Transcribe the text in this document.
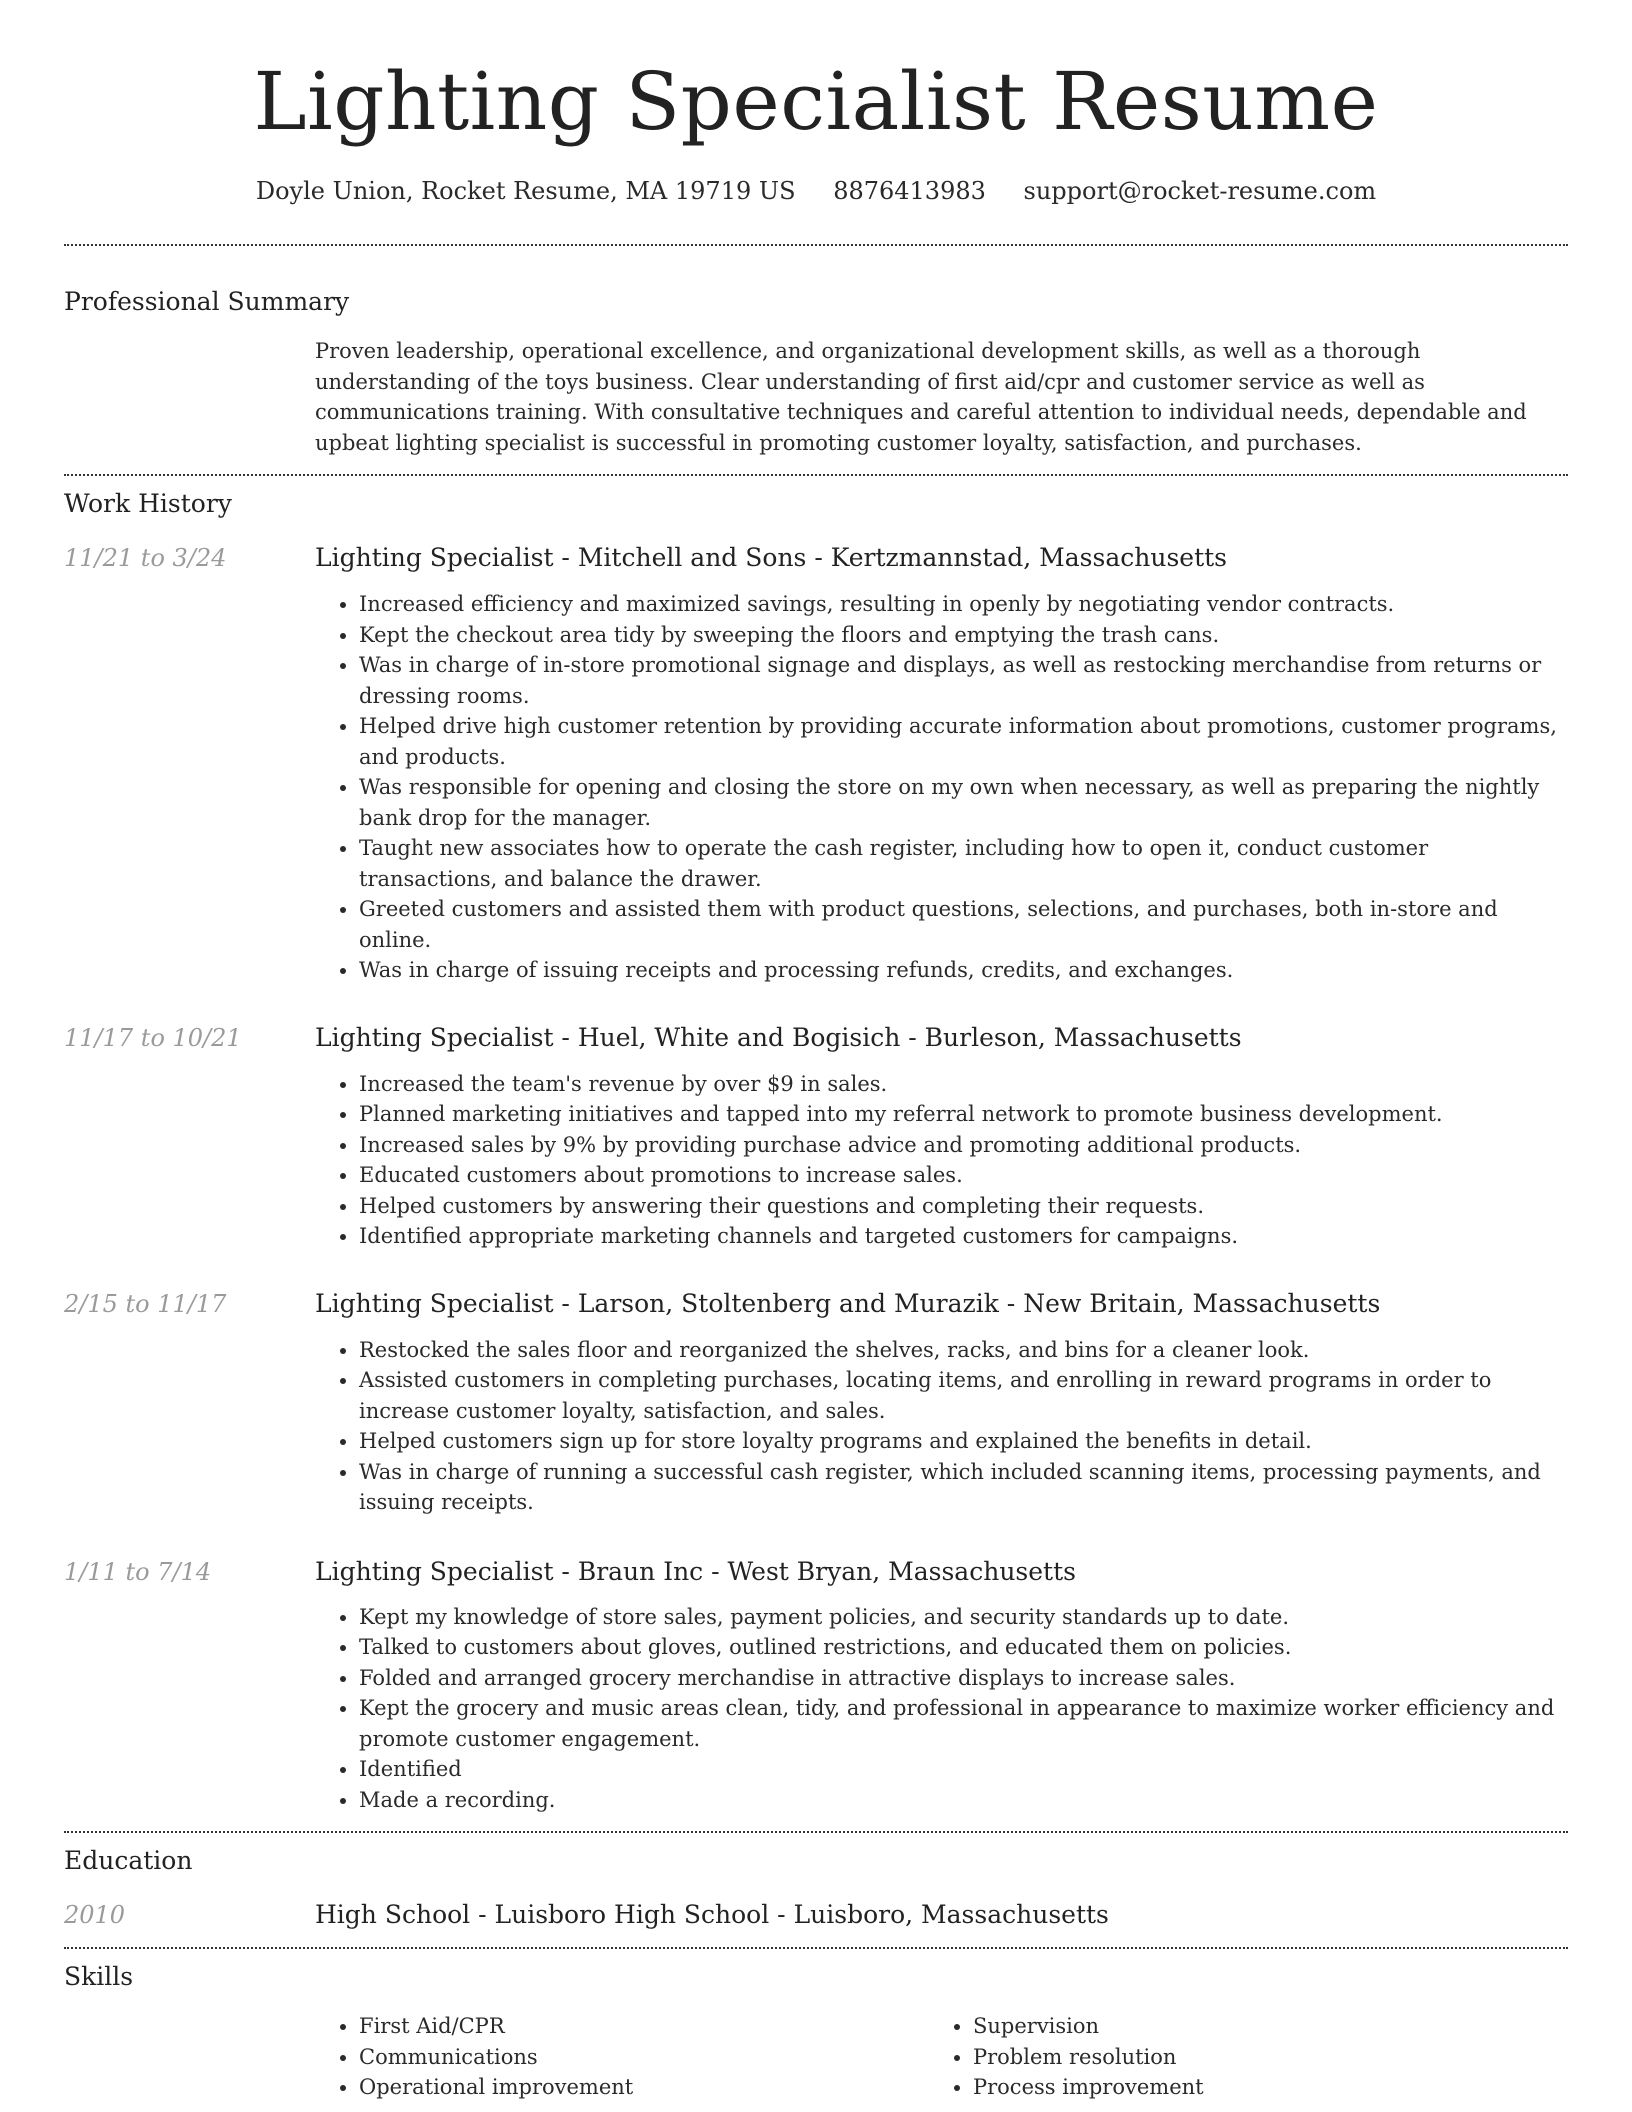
Lighting Specialist Resume
Doyle Union, Rocket Resume, MA 19719 US 8876413983 support@rocket-resume.com
Professional Summary
Proven leadership, operational excellence, and organizational development skills, as well as a thorough understanding of the toys business. Clear understanding of first aid/cpr and customer service as well as communications training. With consultative techniques and careful attention to individual needs, dependable and upbeat lighting specialist is successful in promoting customer loyalty, satisfaction, and purchases.
Work History
11/21 to 3/24	Lighting Specialist - Mitchell and Sons - Kertzmannstad, Massachusetts
• Increased efficiency and maximized savings, resulting in openly by negotiating vendor contracts.
• Kept the checkout area tidy by sweeping the floors and emptying the trash cans.
• Was in charge of in-store promotional signage and displays, as well as restocking merchandise from returns or dressing rooms.
• Helped drive high customer retention by providing accurate information about promotions, customer programs, and products.
• Was responsible for opening and closing the store on my own when necessary, as well as preparing the nightly bank drop for the manager.
• Taught new associates how to operate the cash register, including how to open it, conduct customer transactions, and balance the drawer.
• Greeted customers and assisted them with product questions, selections, and purchases, both in-store and online.
• Was in charge of issuing receipts and processing refunds, credits, and exchanges.
11/17 to 10/21	Lighting Specialist - Huel, White and Bogisich - Burleson, Massachusetts
• Increased the team's revenue by over $9 in sales.
• Planned marketing initiatives and tapped into my referral network to promote business development.
• Increased sales by 9% by providing purchase advice and promoting additional products.
• Educated customers about promotions to increase sales.
• Helped customers by answering their questions and completing their requests.
• Identified appropriate marketing channels and targeted customers for campaigns.
2/15 to 11/17	Lighting Specialist - Larson, Stoltenberg and Murazik - New Britain, Massachusetts
• Restocked the sales floor and reorganized the shelves, racks, and bins for a cleaner look.
• Assisted customers in completing purchases, locating items, and enrolling in reward programs in order to increase customer loyalty, satisfaction, and sales.
• Helped customers sign up for store loyalty programs and explained the benefits in detail.
• Was in charge of running a successful cash register, which included scanning items, processing payments, and issuing receipts.
1/11 to 7/14	Lighting Specialist - Braun Inc - West Bryan, Massachusetts
• Kept my knowledge of store sales, payment policies, and security standards up to date.
• Talked to customers about gloves, outlined restrictions, and educated them on policies.
• Folded and arranged grocery merchandise in attractive displays to increase sales.
• Kept the grocery and music areas clean, tidy, and professional in appearance to maximize worker efficiency and promote customer engagement.
• Identified
• Made a recording.
Education
2010	High School - Luisboro High School - Luisboro, Massachusetts
Skills
• First Aid/CPR
• Communications
• Operational improvement
• Supervision
• Problem resolution
• Process improvement
